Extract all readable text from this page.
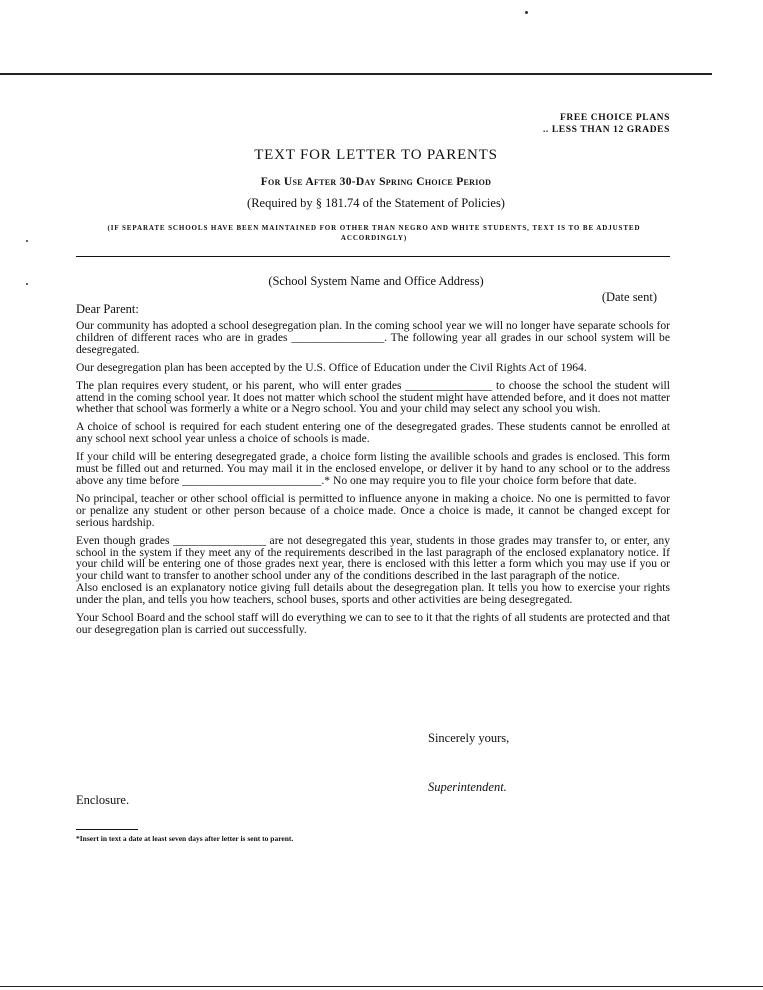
FREE CHOICE PLANS
.. LESS THAN 12 GRADES
TEXT FOR LETTER TO PARENTS
For Use After 30-Day Spring Choice Period
(Required by § 181.74 of the Statement of Policies)
(IF SEPARATE SCHOOLS HAVE BEEN MAINTAINED FOR OTHER THAN NEGRO AND WHITE STUDENTS, TEXT IS TO BE ADJUSTED ACCORDINGLY)
(School System Name and Office Address)
(Date sent)
Dear Parent:

Our community has adopted a school desegregation plan. In the coming school year we will no longer have separate schools for children of different races who are in grades ________________. The following year all grades in our school system will be desegregated.

Our desegregation plan has been accepted by the U.S. Office of Education under the Civil Rights Act of 1964.

The plan requires every student, or his parent, who will enter grades _______________ to choose the school the student will attend in the coming school year. It does not matter which school the student might have attended before, and it does not matter whether that school was formerly a white or a Negro school. You and your child may select any school you wish.

A choice of school is required for each student entering one of the desegregated grades. These students cannot be enrolled at any school next school year unless a choice of schools is made.

If your child will be entering desegregated grade, a choice form listing the availible schools and grades is enclosed. This form must be filled out and returned. You may mail it in the enclosed envelope, or deliver it by hand to any school or to the address above any time before ________________________.* No one may require you to file your choice form before that date.

No principal, teacher or other school official is permitted to influence anyone in making a choice. No one is permitted to favor or penalize any student or other person because of a choice made. Once a choice is made, it cannot be changed except for serious hardship.

Even though grades ________________ are not desegregated this year, students in those grades may transfer to, or enter, any school in the system if they meet any of the requirements described in the last paragraph of the enclosed explanatory notice. If your child will be entering one of those grades next year, there is enclosed with this letter a form which you may use if you or your child want to transfer to another school under any of the conditions described in the last paragraph of the notice.

Also enclosed is an explanatory notice giving full details about the desegregation plan. It tells you how to exercise your rights under the plan, and tells you how teachers, school buses, sports and other activities are being desegregated.

Your School Board and the school staff will do everything we can to see to it that the rights of all students are protected and that our desegregation plan is carried out successfully.

Sincerely yours,
Superintendent.
Enclosure.
*Insert in text a date at least seven days after letter is sent to parent.
